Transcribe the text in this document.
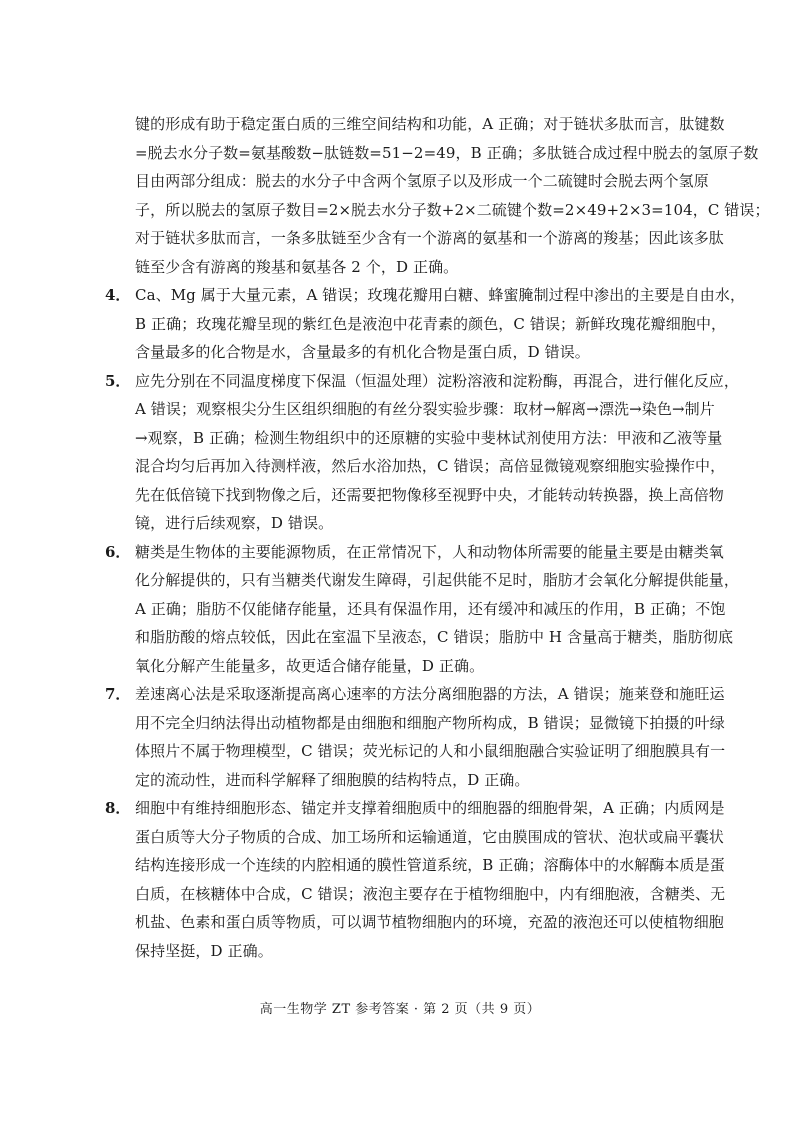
键的形成有助于稳定蛋白质的三维空间结构和功能，A 正确；对于链状多肽而言，肽键数
=脱去水分子数=氨基酸数−肽链数=51−2=49，B 正确；多肽链合成过程中脱去的氢原子数
目由两部分组成：脱去的水分子中含两个氢原子以及形成一个二硫键时会脱去两个氢原
子，所以脱去的氢原子数目=2×脱去水分子数+2×二硫键个数=2×49+2×3=104，C 错误；
对于链状多肽而言，一条多肽链至少含有一个游离的氨基和一个游离的羧基；因此该多肽
链至少含有游离的羧基和氨基各 2 个，D 正确。
4． Ca、Mg 属于大量元素，A 错误；玫瑰花瓣用白糖、蜂蜜腌制过程中渗出的主要是自由水，
B 正确；玫瑰花瓣呈现的紫红色是液泡中花青素的颜色，C 错误；新鲜玫瑰花瓣细胞中，
含量最多的化合物是水，含量最多的有机化合物是蛋白质，D 错误。
5． 应先分别在不同温度梯度下保温（恒温处理）淀粉溶液和淀粉酶，再混合，进行催化反应，
A 错误；观察根尖分生区组织细胞的有丝分裂实验步骤：取材→解离→漂洗→染色→制片
→观察，B 正确；检测生物组织中的还原糖的实验中斐林试剂使用方法：甲液和乙液等量
混合均匀后再加入待测样液，然后水浴加热，C 错误；高倍显微镜观察细胞实验操作中，
先在低倍镜下找到物像之后，还需要把物像移至视野中央，才能转动转换器，换上高倍物
镜，进行后续观察，D 错误。
6． 糖类是生物体的主要能源物质，在正常情况下，人和动物体所需要的能量主要是由糖类氧
化分解提供的，只有当糖类代谢发生障碍，引起供能不足时，脂肪才会氧化分解提供能量，
A 正确；脂肪不仅能储存能量，还具有保温作用，还有缓冲和减压的作用，B 正确；不饱
和脂肪酸的熔点较低，因此在室温下呈液态，C 错误；脂肪中 H 含量高于糖类，脂肪彻底
氧化分解产生能量多，故更适合储存能量，D 正确。
7． 差速离心法是采取逐渐提高离心速率的方法分离细胞器的方法，A 错误；施莱登和施旺运
用不完全归纳法得出动植物都是由细胞和细胞产物所构成，B 错误；显微镜下拍摄的叶绿
体照片不属于物理模型，C 错误；荧光标记的人和小鼠细胞融合实验证明了细胞膜具有一
定的流动性，进而科学解释了细胞膜的结构特点，D 正确。
8． 细胞中有维持细胞形态、锚定并支撑着细胞质中的细胞器的细胞骨架，A 正确；内质网是
蛋白质等大分子物质的合成、加工场所和运输通道，它由膜围成的管状、泡状或扁平囊状
结构连接形成一个连续的内腔相通的膜性管道系统，B 正确；溶酶体中的水解酶本质是蛋
白质，在核糖体中合成，C 错误；液泡主要存在于植物细胞中，内有细胞液，含糖类、无
机盐、色素和蛋白质等物质，可以调节植物细胞内的环境，充盈的液泡还可以使植物细胞
保持坚挺，D 正确。
高一生物学 ZT 参考答案 · 第 2 页（共 9 页）
